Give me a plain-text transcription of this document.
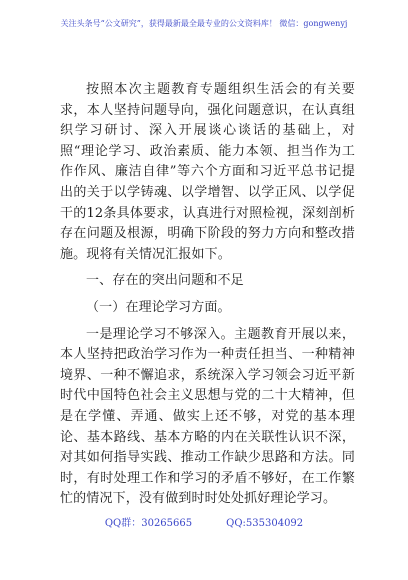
关注头条号“公文研究”，获得最新最全最专业的公文资料库！ 微信：gongwenyj

按照本次主题教育专题组织生活会的有关要求，本人坚持问题导向，强化问题意识，在认真组织学习研讨、深入开展谈心谈话的基础上，对照“理论学习、政治素质、能力本领、担当作为工作作风、廉洁自律”等六个方面和习近平总书记提出的关于以学铸魂、以学增智、以学正风、以学促干的12条具体要求，认真进行对照检视，深刻剖析存在问题及根源，明确下阶段的努力方向和整改措施。现将有关情况汇报如下。

一、存在的突出问题和不足

（一）在理论学习方面。

一是理论学习不够深入。主题教育开展以来，本人坚持把政治学习作为一种责任担当、一种精神境界、一种不懈追求，系统深入学习领会习近平新时代中国特色社会主义思想与党的二十大精神，但是在学懂、弄通、做实上还不够，对党的基本理论、基本路线、基本方略的内在关联性认识不深，对其如何指导实践、推动工作缺少思路和方法。同时，有时处理工作和学习的矛盾不够好，在工作繁忙的情况下，没有做到时时处处抓好理论学习。

QQ群：30265665	QQ:535304092
